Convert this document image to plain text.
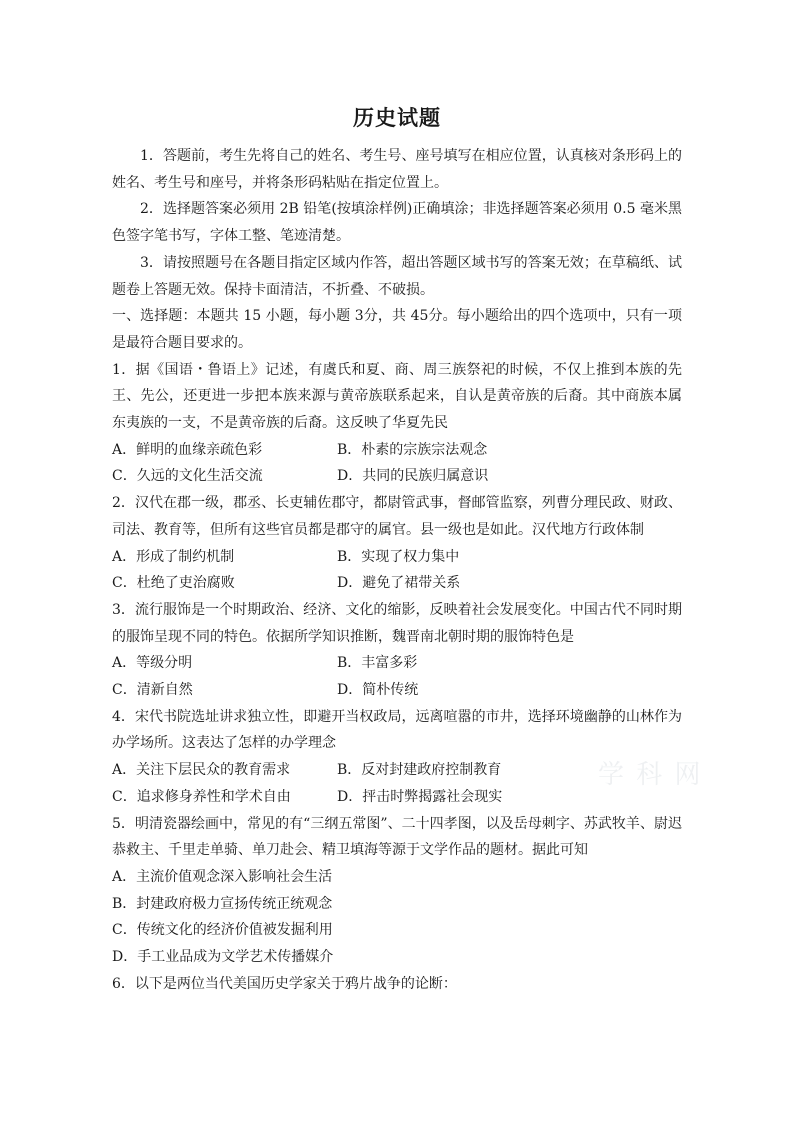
历史试题

1．答题前，考生先将自己的姓名、考生号、座号填写在相应位置，认真核对条形码上的姓名、考生号和座号，并将条形码粘贴在指定位置上。

2．选择题答案必须用 2B 铅笔(按填涂样例)正确填涂；非选择题答案必须用 0.5 毫米黑色签字笔书写，字体工整、笔迹清楚。

3．请按照题号在各题目指定区域内作答，超出答题区域书写的答案无效；在草稿纸、试题卷上答题无效。保持卡面清洁，不折叠、不破损。

一、选择题：本题共 15 小题，每小题 3分，共 45分。每小题给出的四个选项中，只有一项是最符合题目要求的。

1．据《国语・鲁语上》记述，有虞氏和夏、商、周三族祭祀的时候，不仅上推到本族的先王、先公，还更进一步把本族来源与黄帝族联系起来，自认是黄帝族的后裔。其中商族本属东夷族的一支，不是黄帝族的后裔。这反映了华夏先民

A．鲜明的血缘亲疏色彩	B．朴素的宗族宗法观念

C．久远的文化生活交流	D．共同的民族归属意识

2．汉代在郡一级，郡丞、长吏辅佐郡守，都尉管武事，督邮管监察，列曹分理民政、财政、司法、教育等，但所有这些官员都是郡守的属官。县一级也是如此。汉代地方行政体制

A．形成了制约机制	B．实现了权力集中

C．杜绝了吏治腐败	D．避免了裙带关系

3．流行服饰是一个时期政治、经济、文化的缩影，反映着社会发展变化。中国古代不同时期的服饰呈现不同的特色。依据所学知识推断，魏晋南北朝时期的服饰特色是

A．等级分明	B．丰富多彩

C．清新自然	D．简朴传统

4．宋代书院选址讲求独立性，即避开当权政局，远离喧嚣的市井，选择环境幽静的山林作为办学场所。这表达了怎样的办学理念

A．关注下层民众的教育需求	B．反对封建政府控制教育

C．追求修身养性和学术自由	D．抨击时弊揭露社会现实

5．明清瓷器绘画中，常见的有“三纲五常图”、二十四孝图，以及岳母刺字、苏武牧羊、尉迟恭救主、千里走单骑、单刀赴会、精卫填海等源于文学作品的题材。据此可知

A．主流价值观念深入影响社会生活

B．封建政府极力宣扬传统正统观念

C．传统文化的经济价值被发掘利用

D．手工业品成为文学艺术传播媒介

6．以下是两位当代美国历史学家关于鸦片战争的论断：

学 科 网
